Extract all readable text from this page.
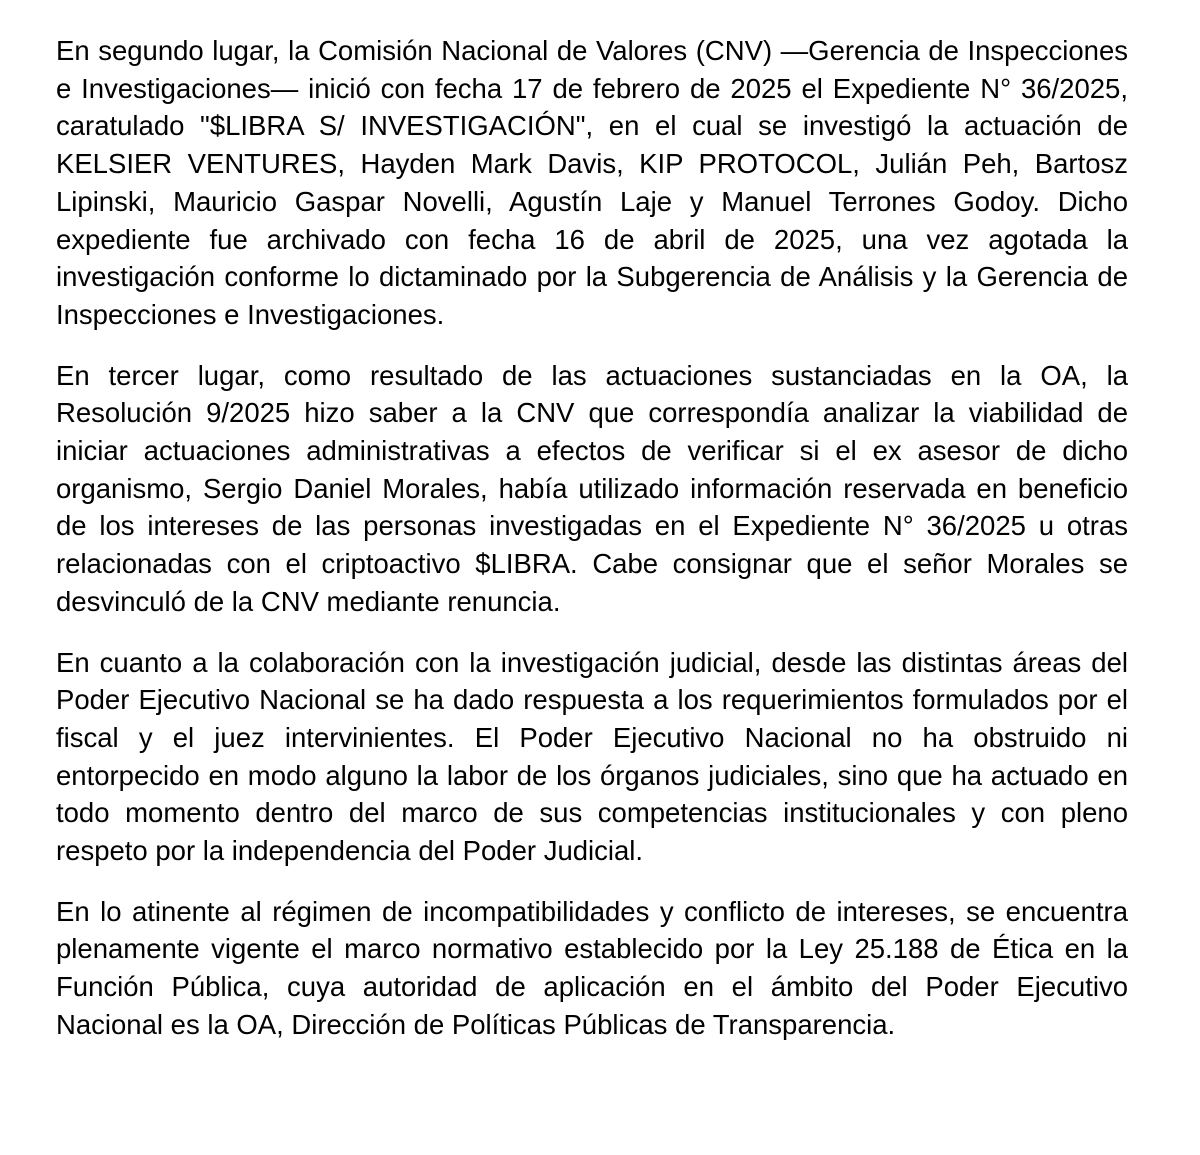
En segundo lugar, la Comisión Nacional de Valores (CNV) —Gerencia de Inspecciones e Investigaciones— inició con fecha 17 de febrero de 2025 el Expediente N° 36/2025, caratulado "$LIBRA S/ INVESTIGACIÓN", en el cual se investigó la actuación de KELSIER VENTURES, Hayden Mark Davis, KIP PROTOCOL, Julián Peh, Bartosz Lipinski, Mauricio Gaspar Novelli, Agustín Laje y Manuel Terrones Godoy. Dicho expediente fue archivado con fecha 16 de abril de 2025, una vez agotada la investigación conforme lo dictaminado por la Subgerencia de Análisis y la Gerencia de Inspecciones e Investigaciones.

En tercer lugar, como resultado de las actuaciones sustanciadas en la OA, la Resolución 9/2025 hizo saber a la CNV que correspondía analizar la viabilidad de iniciar actuaciones administrativas a efectos de verificar si el ex asesor de dicho organismo, Sergio Daniel Morales, había utilizado información reservada en beneficio de los intereses de las personas investigadas en el Expediente N° 36/2025 u otras relacionadas con el criptoactivo $LIBRA. Cabe consignar que el señor Morales se desvinculó de la CNV mediante renuncia.

En cuanto a la colaboración con la investigación judicial, desde las distintas áreas del Poder Ejecutivo Nacional se ha dado respuesta a los requerimientos formulados por el fiscal y el juez intervinientes. El Poder Ejecutivo Nacional no ha obstruido ni entorpecido en modo alguno la labor de los órganos judiciales, sino que ha actuado en todo momento dentro del marco de sus competencias institucionales y con pleno respeto por la independencia del Poder Judicial.

En lo atinente al régimen de incompatibilidades y conflicto de intereses, se encuentra plenamente vigente el marco normativo establecido por la Ley 25.188 de Ética en la Función Pública, cuya autoridad de aplicación en el ámbito del Poder Ejecutivo Nacional es la OA, Dirección de Políticas Públicas de Transparencia.
